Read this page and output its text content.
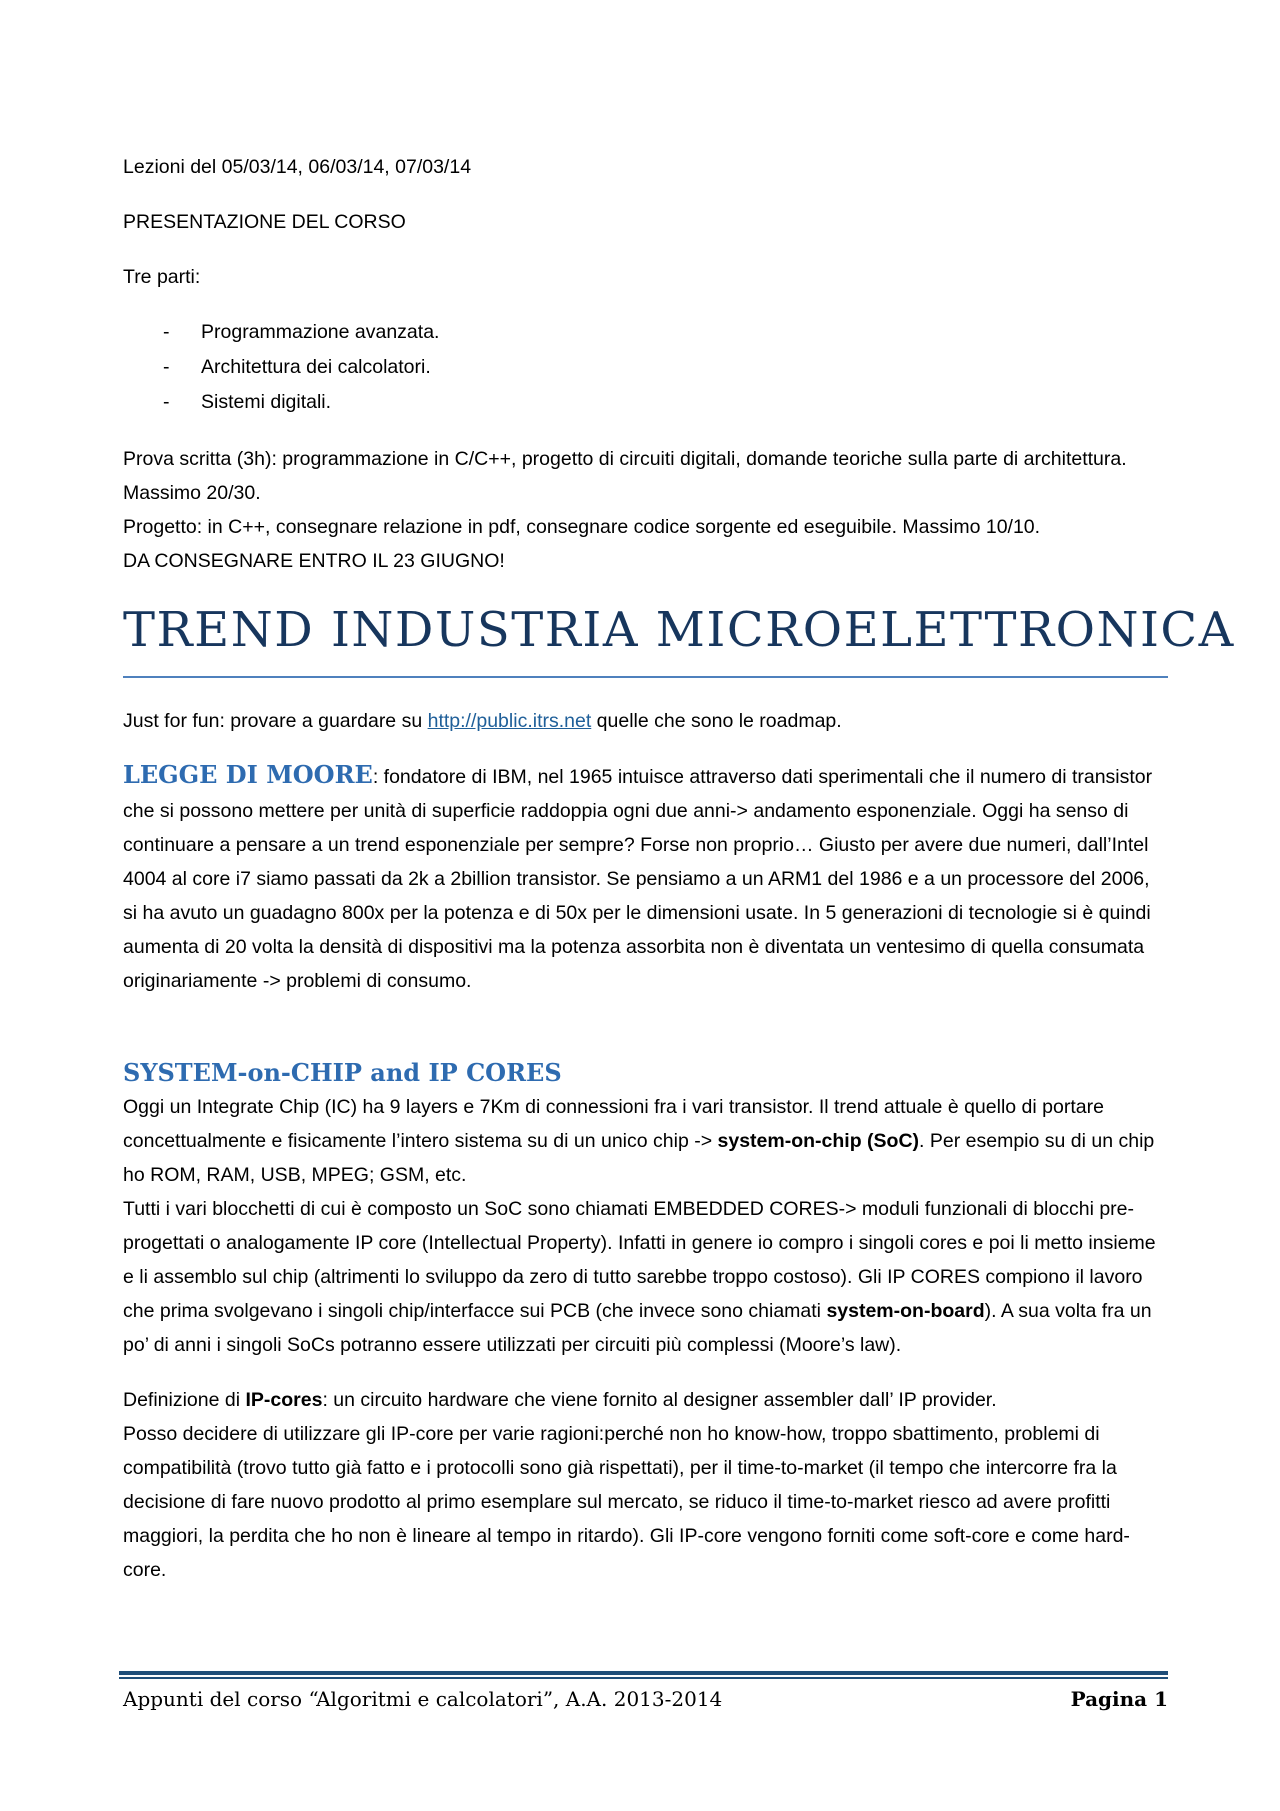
Lezioni del 05/03/14, 06/03/14, 07/03/14

PRESENTAZIONE DEL CORSO

Tre parti:

- Programmazione avanzata.
- Architettura dei calcolatori.
- Sistemi digitali.

Prova scritta (3h): programmazione in C/C++, progetto di circuiti digitali, domande teoriche sulla parte di architettura. Massimo 20/30.

Progetto: in C++, consegnare relazione in pdf, consegnare codice sorgente ed eseguibile. Massimo 10/10.

DA CONSEGNARE ENTRO IL 23 GIUGNO!

TREND INDUSTRIA MICROELETTRONICA

Just for fun: provare a guardare su http://public.itrs.net quelle che sono le roadmap.

LEGGE DI MOORE: fondatore di IBM, nel 1965 intuisce attraverso dati sperimentali che il numero di transistor che si possono mettere per unità di superficie raddoppia ogni due anni-> andamento esponenziale. Oggi ha senso di continuare a pensare a un trend esponenziale per sempre? Forse non proprio… Giusto per avere due numeri, dall’Intel 4004 al core i7 siamo passati da 2k a 2billion transistor. Se pensiamo a un ARM1 del 1986 e a un processore del 2006, si ha avuto un guadagno 800x per la potenza e di 50x per le dimensioni usate. In 5 generazioni di tecnologie si è quindi aumenta di 20 volta la densità di dispositivi ma la potenza assorbita non è diventata un ventesimo di quella consumata originariamente -> problemi di consumo.

SYSTEM-on-CHIP and IP CORES

Oggi un Integrate Chip (IC) ha 9 layers e 7Km di connessioni fra i vari transistor. Il trend attuale è quello di portare concettualmente e fisicamente l’intero sistema su di un unico chip -> system-on-chip (SoC). Per esempio su di un chip ho ROM, RAM, USB, MPEG; GSM, etc.

Tutti i vari blocchetti di cui è composto un SoC sono chiamati EMBEDDED CORES-> moduli funzionali di blocchi pre-progettati o analogamente IP core (Intellectual Property). Infatti in genere io compro i singoli cores e poi li metto insieme e li assemblo sul chip (altrimenti lo sviluppo da zero di tutto sarebbe troppo costoso). Gli IP CORES compiono il lavoro che prima svolgevano i singoli chip/interfacce sui PCB (che invece sono chiamati system-on-board). A sua volta fra un po’ di anni i singoli SoCs potranno essere utilizzati per circuiti più complessi (Moore’s law).

Definizione di IP-cores: un circuito hardware che viene fornito al designer assembler dall’ IP provider.

Posso decidere di utilizzare gli IP-core per varie ragioni:perché non ho know-how, troppo sbattimento, problemi di compatibilità (trovo tutto già fatto e i protocolli sono già rispettati), per il time-to-market (il tempo che intercorre fra la decisione di fare nuovo prodotto al primo esemplare sul mercato, se riduco il time-to-market riesco ad avere profitti maggiori, la perdita che ho non è lineare al tempo in ritardo). Gli IP-core vengono forniti come soft-core e come hard-core.

Appunti del corso “Algoritmi e calcolatori”, A.A. 2013-2014	Pagina 1
